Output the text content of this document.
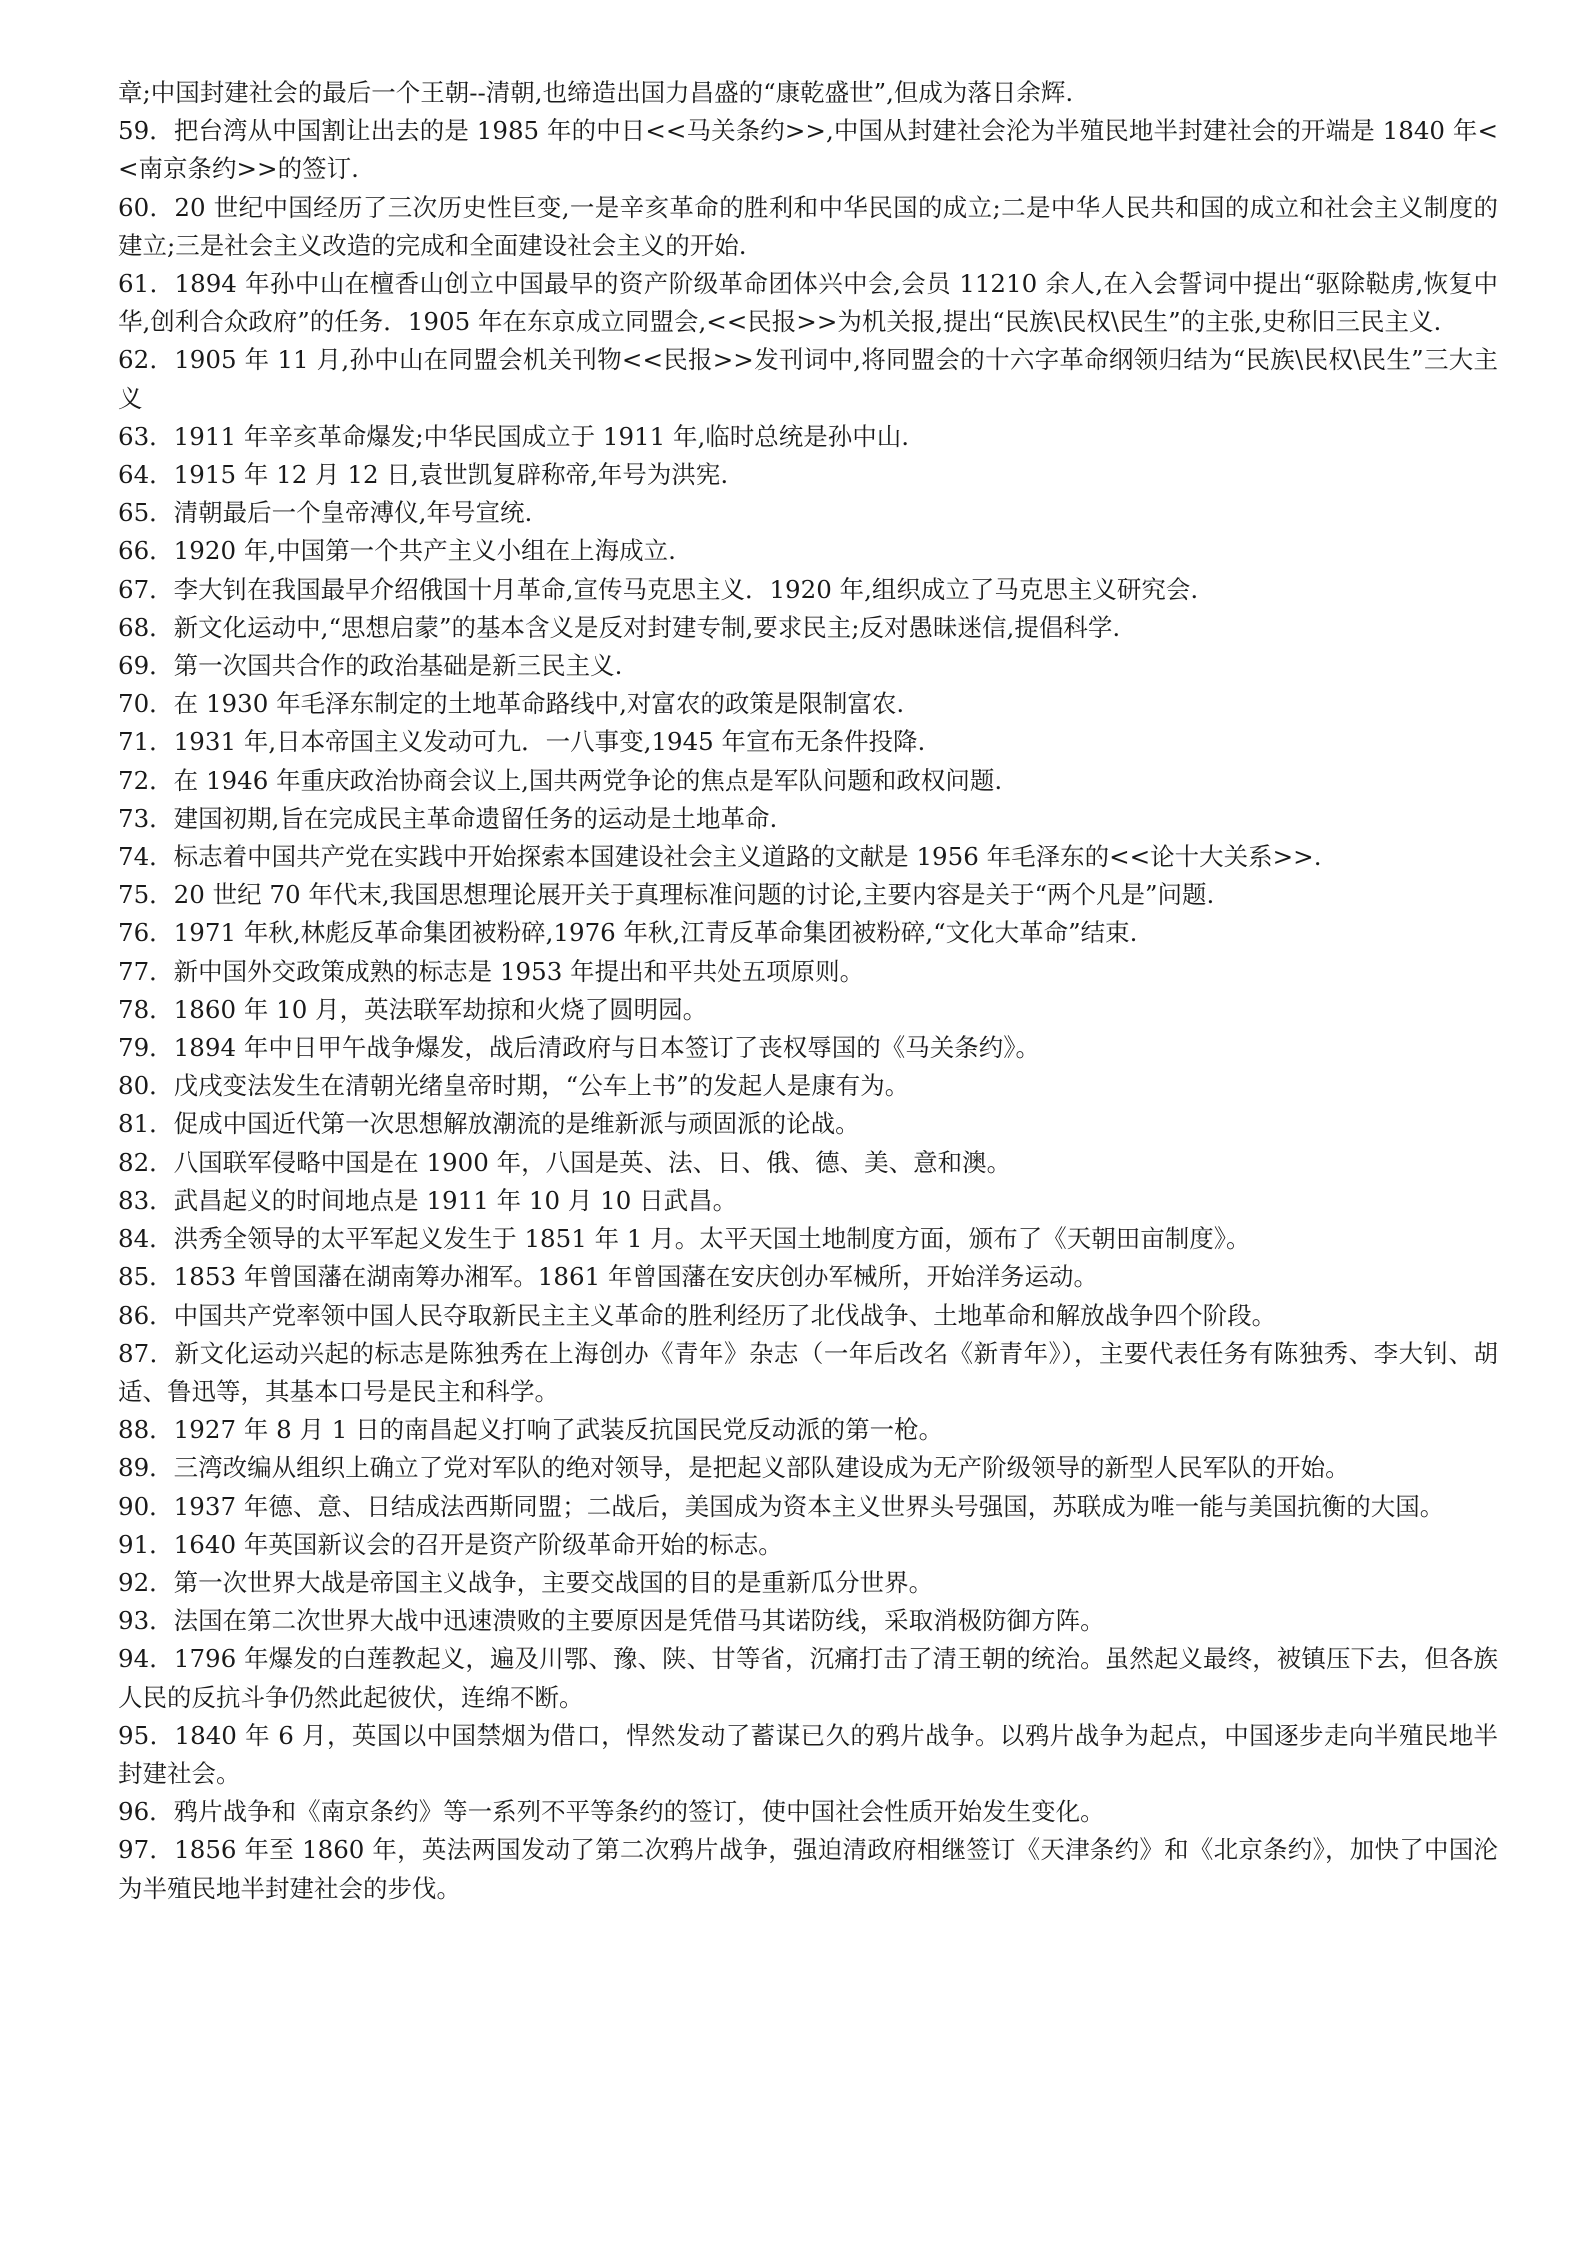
章;中国封建社会的最后一个王朝--清朝,也缔造出国力昌盛的“康乾盛世”,但成为落日余辉.

59．把台湾从中国割让出去的是 1985 年的中日<<马关条约>>,中国从封建社会沦为半殖民地半封建社会的开端是 1840 年<<南京条约>>的签订.

60．20 世纪中国经历了三次历史性巨变,一是辛亥革命的胜利和中华民国的成立;二是中华人民共和国的成立和社会主义制度的建立;三是社会主义改造的完成和全面建设社会主义的开始.

61．1894 年孙中山在檀香山创立中国最早的资产阶级革命团体兴中会,会员 11210 余人,在入会誓词中提出“驱除鞑虏,恢复中华,创利合众政府”的任务．1905 年在东京成立同盟会,<<民报>>为机关报,提出“民族\民权\民生”的主张,史称旧三民主义.

62．1905 年 11 月,孙中山在同盟会机关刊物<<民报>>发刊词中,将同盟会的十六字革命纲领归结为“民族\民权\民生”三大主义

63．1911 年辛亥革命爆发;中华民国成立于 1911 年,临时总统是孙中山.

64．1915 年 12 月 12 日,袁世凯复辟称帝,年号为洪宪.

65．清朝最后一个皇帝溥仪,年号宣统.

66．1920 年,中国第一个共产主义小组在上海成立.

67．李大钊在我国最早介绍俄国十月革命,宣传马克思主义．1920 年,组织成立了马克思主义研究会.

68．新文化运动中,“思想启蒙”的基本含义是反对封建专制,要求民主;反对愚昧迷信,提倡科学.

69．第一次国共合作的政治基础是新三民主义.

70．在 1930 年毛泽东制定的土地革命路线中,对富农的政策是限制富农.

71．1931 年,日本帝国主义发动可九．一八事变,1945 年宣布无条件投降.

72．在 1946 年重庆政治协商会议上,国共两党争论的焦点是军队问题和政权问题.

73．建国初期,旨在完成民主革命遗留任务的运动是土地革命.

74．标志着中国共产党在实践中开始探索本国建设社会主义道路的文献是 1956 年毛泽东的<<论十大关系>>.

75．20 世纪 70 年代末,我国思想理论展开关于真理标准问题的讨论,主要内容是关于“两个凡是”问题.

76．1971 年秋,林彪反革命集团被粉碎,1976 年秋,江青反革命集团被粉碎,“文化大革命”结束.

77．新中国外交政策成熟的标志是 1953 年提出和平共处五项原则。

78．1860 年 10 月，英法联军劫掠和火烧了圆明园。

79．1894 年中日甲午战争爆发，战后清政府与日本签订了丧权辱国的《马关条约》。

80．戊戌变法发生在清朝光绪皇帝时期，“公车上书”的发起人是康有为。

81．促成中国近代第一次思想解放潮流的是维新派与顽固派的论战。

82．八国联军侵略中国是在 1900 年，八国是英、法、日、俄、德、美、意和澳。

83．武昌起义的时间地点是 1911 年 10 月 10 日武昌。

84．洪秀全领导的太平军起义发生于 1851 年 1 月。太平天国土地制度方面，颁布了《天朝田亩制度》。

85．1853 年曾国藩在湖南筹办湘军。1861 年曾国藩在安庆创办军械所，开始洋务运动。

86．中国共产党率领中国人民夺取新民主主义革命的胜利经历了北伐战争、土地革命和解放战争四个阶段。

87．新文化运动兴起的标志是陈独秀在上海创办《青年》杂志（一年后改名《新青年》），主要代表任务有陈独秀、李大钊、胡适、鲁迅等，其基本口号是民主和科学。

88．1927 年 8 月 1 日的南昌起义打响了武装反抗国民党反动派的第一枪。

89．三湾改编从组织上确立了党对军队的绝对领导，是把起义部队建设成为无产阶级领导的新型人民军队的开始。

90．1937 年德、意、日结成法西斯同盟；二战后，美国成为资本主义世界头号强国，苏联成为唯一能与美国抗衡的大国。

91．1640 年英国新议会的召开是资产阶级革命开始的标志。

92．第一次世界大战是帝国主义战争，主要交战国的目的是重新瓜分世界。

93．法国在第二次世界大战中迅速溃败的主要原因是凭借马其诺防线，采取消极防御方阵。

94．1796 年爆发的白莲教起义，遍及川鄂、豫、陕、甘等省，沉痛打击了清王朝的统治。虽然起义最终，被镇压下去，但各族人民的反抗斗争仍然此起彼伏，连绵不断。

95．1840 年 6 月，英国以中国禁烟为借口，悍然发动了蓄谋已久的鸦片战争。以鸦片战争为起点，中国逐步走向半殖民地半封建社会。

96．鸦片战争和《南京条约》等一系列不平等条约的签订，使中国社会性质开始发生变化。

97．1856 年至 1860 年，英法两国发动了第二次鸦片战争，强迫清政府相继签订《天津条约》和《北京条约》，加快了中国沦为半殖民地半封建社会的步伐。
